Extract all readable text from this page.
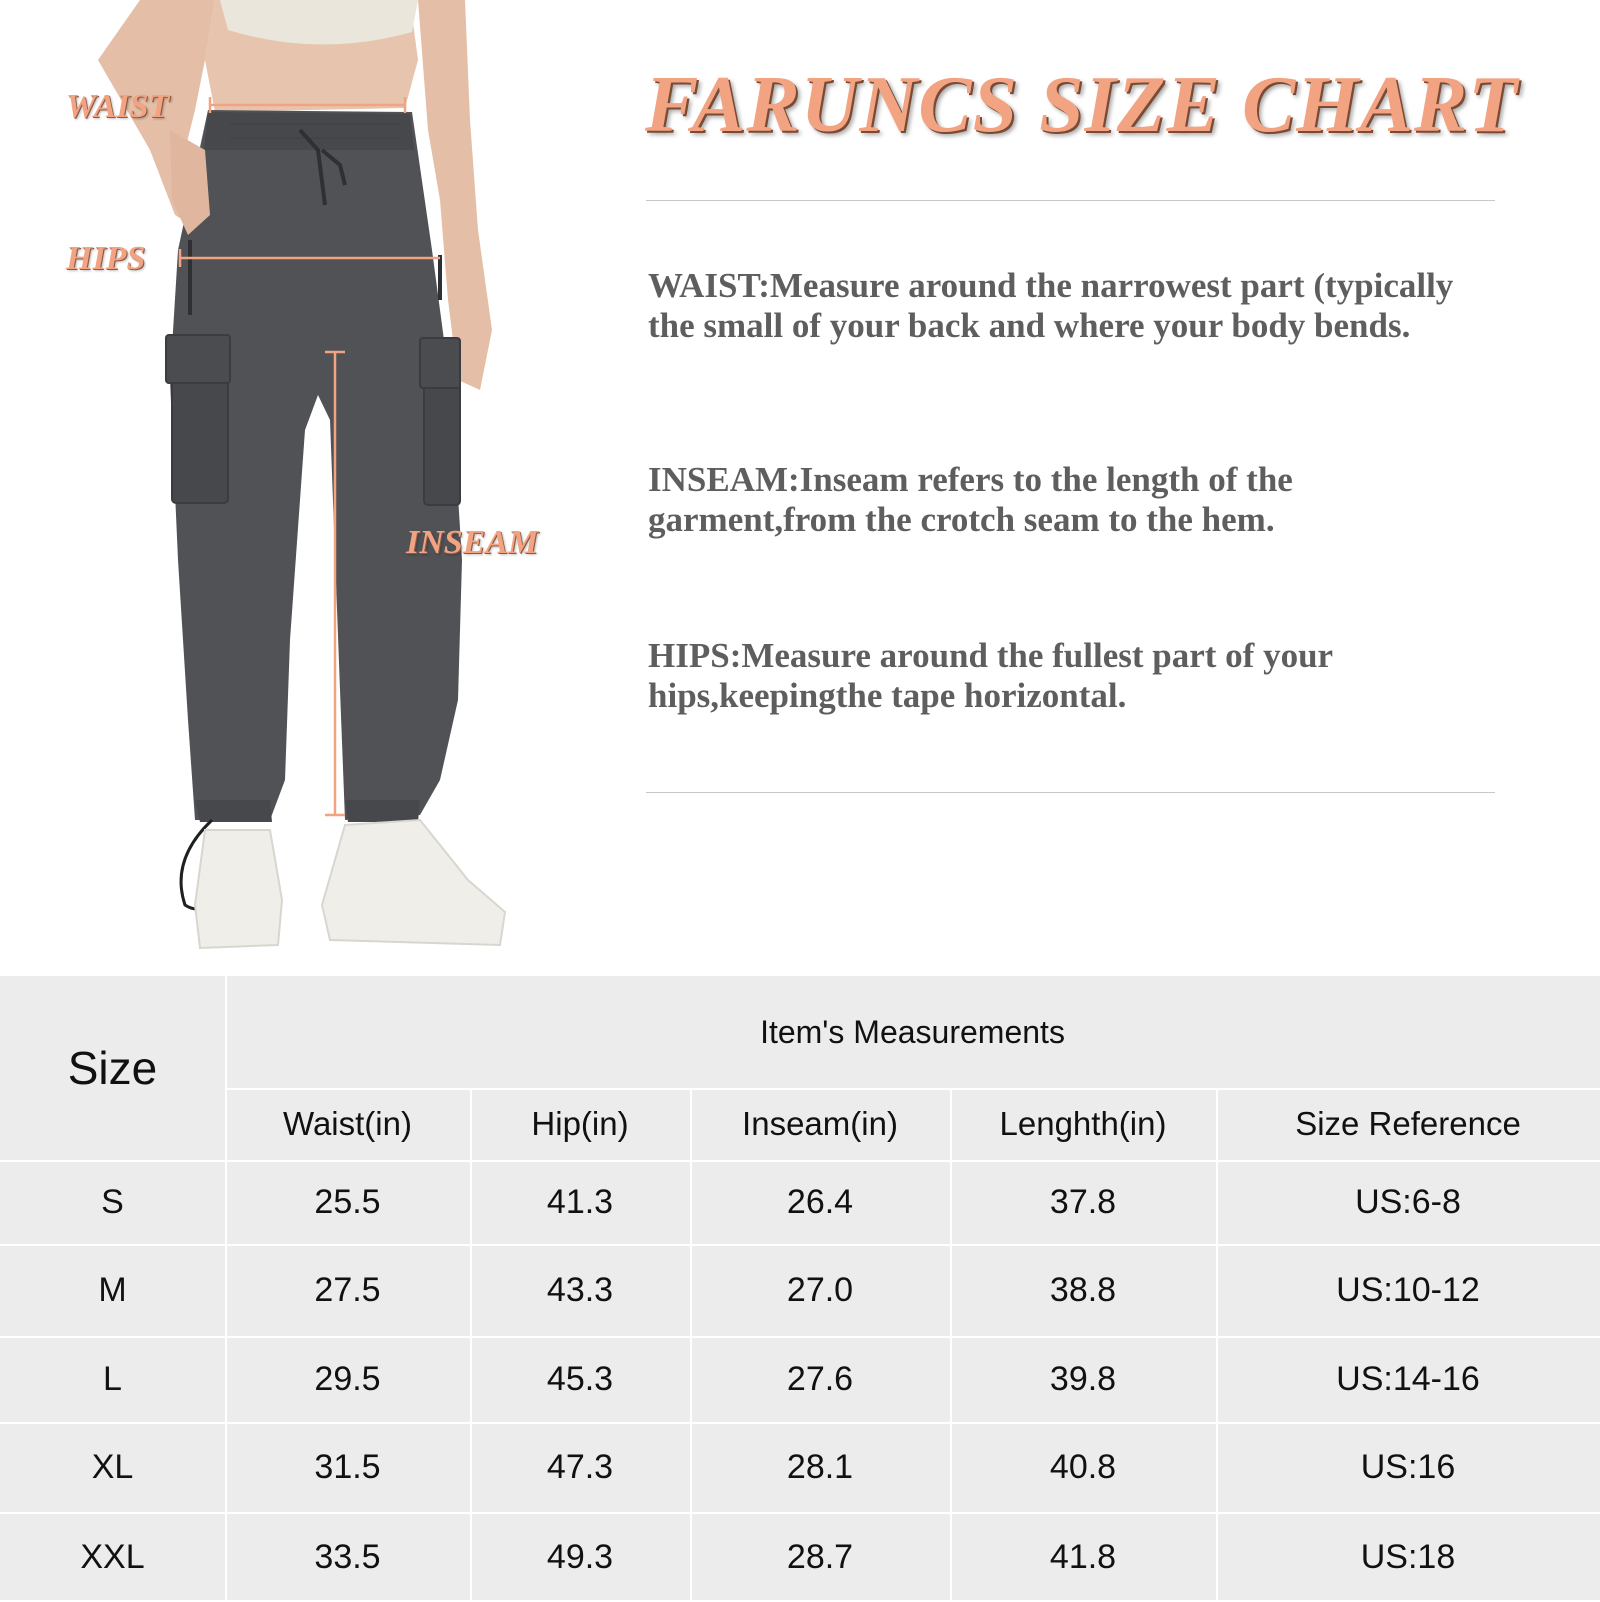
WAIST
HIPS
INSEAM
FARUNCS SIZE CHART
WAIST:Measure around the narrowest part (typically the small of your back and where your body bends.
INSEAM:Inseam refers to the length of the garment,from the crotch seam to the hem.
HIPS:Measure around the fullest part of your hips,keepingthe tape horizontal.
Size
Item's Measurements
Waist(in)	Hip(in)	Inseam(in)	Lenghth(in)	Size Reference
S	25.5	41.3	26.4	37.8	US:6-8
M	27.5	43.3	27.0	38.8	US:10-12
L	29.5	45.3	27.6	39.8	US:14-16
XL	31.5	47.3	28.1	40.8	US:16
XXL	33.5	49.3	28.7	41.8	US:18
